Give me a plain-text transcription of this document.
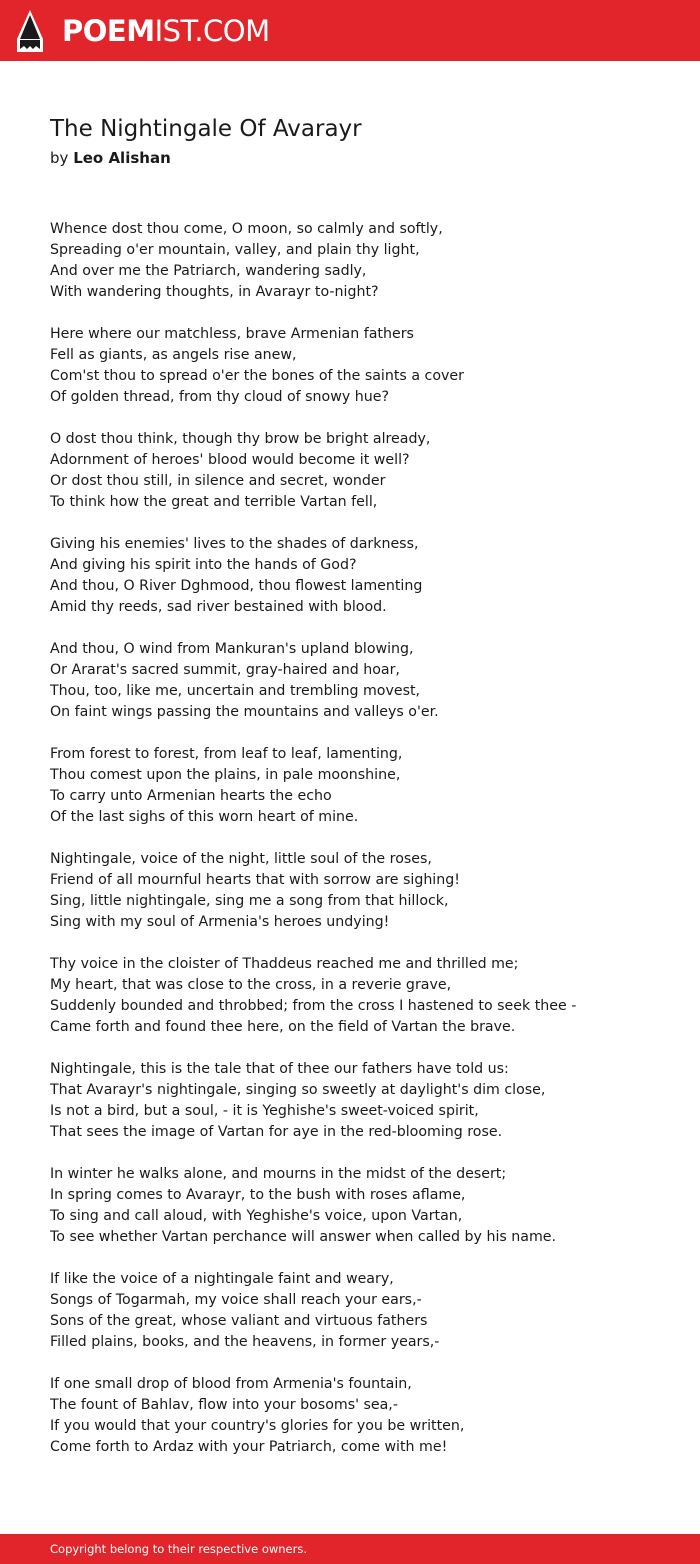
POEMIST.COM
The Nightingale Of Avarayr
by Leo Alishan
Whence dost thou come, O moon, so calmly and softly,
Spreading o'er mountain, valley, and plain thy light,
And over me the Patriarch, wandering sadly,
With wandering thoughts, in Avarayr to-night?
Here where our matchless, brave Armenian fathers
Fell as giants, as angels rise anew,
Com'st thou to spread o'er the bones of the saints a cover
Of golden thread, from thy cloud of snowy hue?
O dost thou think, though thy brow be bright already,
Adornment of heroes' blood would become it well?
Or dost thou still, in silence and secret, wonder
To think how the great and terrible Vartan fell,
Giving his enemies' lives to the shades of darkness,
And giving his spirit into the hands of God?
And thou, O River Dghmood, thou flowest lamenting
Amid thy reeds, sad river bestained with blood.
And thou, O wind from Mankuran's upland blowing,
Or Ararat's sacred summit, gray-haired and hoar,
Thou, too, like me, uncertain and trembling movest,
On faint wings passing the mountains and valleys o'er.
From forest to forest, from leaf to leaf, lamenting,
Thou comest upon the plains, in pale moonshine,
To carry unto Armenian hearts the echo
Of the last sighs of this worn heart of mine.
Nightingale, voice of the night, little soul of the roses,
Friend of all mournful hearts that with sorrow are sighing!
Sing, little nightingale, sing me a song from that hillock,
Sing with my soul of Armenia's heroes undying!
Thy voice in the cloister of Thaddeus reached me and thrilled me;
My heart, that was close to the cross, in a reverie grave,
Suddenly bounded and throbbed; from the cross I hastened to seek thee -
Came forth and found thee here, on the field of Vartan the brave.
Nightingale, this is the tale that of thee our fathers have told us:
That Avarayr's nightingale, singing so sweetly at daylight's dim close,
Is not a bird, but a soul, - it is Yeghishe's sweet-voiced spirit,
That sees the image of Vartan for aye in the red-blooming rose.
In winter he walks alone, and mourns in the midst of the desert;
In spring comes to Avarayr, to the bush with roses aflame,
To sing and call aloud, with Yeghishe's voice, upon Vartan,
To see whether Vartan perchance will answer when called by his name.
If like the voice of a nightingale faint and weary,
Songs of Togarmah, my voice shall reach your ears,-
Sons of the great, whose valiant and virtuous fathers
Filled plains, books, and the heavens, in former years,-
If one small drop of blood from Armenia's fountain,
The fount of Bahlav, flow into your bosoms' sea,-
If you would that your country's glories for you be written,
Come forth to Ardaz with your Patriarch, come with me!
Copyright belong to their respective owners.
